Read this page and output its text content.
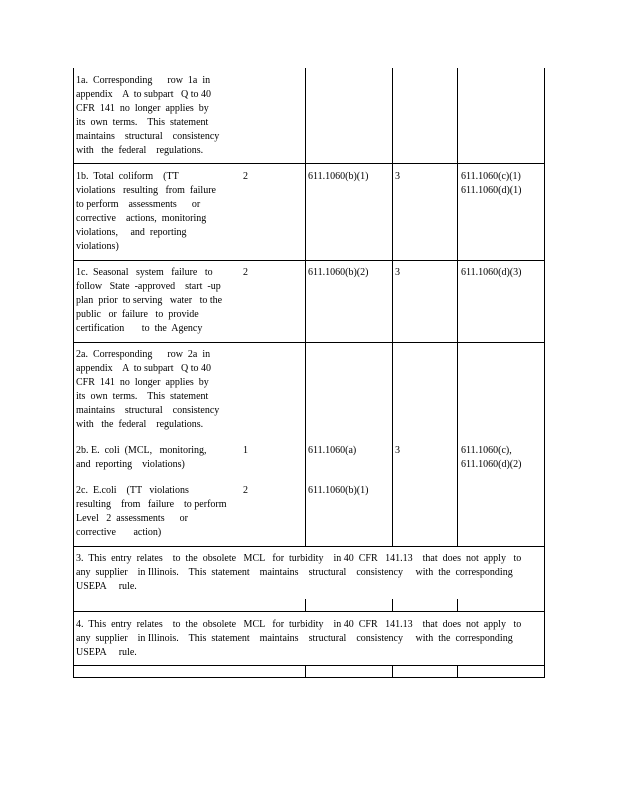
1a.  Corresponding      row  1a  in
appendix    A  to subpart   Q to 40
CFR  141  no  longer  applies  by
its  own  terms.    This  statement
maintains    structural    consistency
with   the  federal    regulations.
1b.  Total  coliform    (TT
violations   resulting   from  failure
to perform    assessments      or
corrective    actions,  monitoring
violations,     and  reporting
violations)
2	611.1060(b)(1)	3	611.1060(c)(1)
611.1060(d)(1)
1c.  Seasonal   system   failure   to
follow   State  -approved    start  -up
plan  prior  to serving   water   to the
public   or  failure   to  provide
certification       to  the  Agency
2	611.1060(b)(2)	3	611.1060(d)(3)
2a.  Corresponding      row  2a  in
appendix    A  to subpart   Q to 40
CFR  141  no  longer  applies  by
its  own  terms.    This  statement
maintains    structural    consistency
with   the  federal    regulations.
2b. E.  coli  (MCL,   monitoring,
and  reporting    violations)
1	611.1060(a)	3	611.1060(c),
611.1060(d)(2)
2c.  E.coli    (TT   violations
resulting    from   failure    to perform
Level   2  assessments      or
corrective       action)
2	611.1060(b)(1)
3.  This  entry  relates    to  the  obsolete   MCL   for  turbidity    in 40  CFR   141.13    that  does  not  apply   to
any  supplier    in Illinois.    This  statement    maintains    structural    consistency     with  the  corresponding
USEPA     rule.
4.  This  entry  relates    to  the  obsolete   MCL   for  turbidity    in 40  CFR   141.13    that  does  not  apply   to
any  supplier    in Illinois.    This  statement    maintains    structural    consistency     with  the  corresponding
USEPA     rule.
